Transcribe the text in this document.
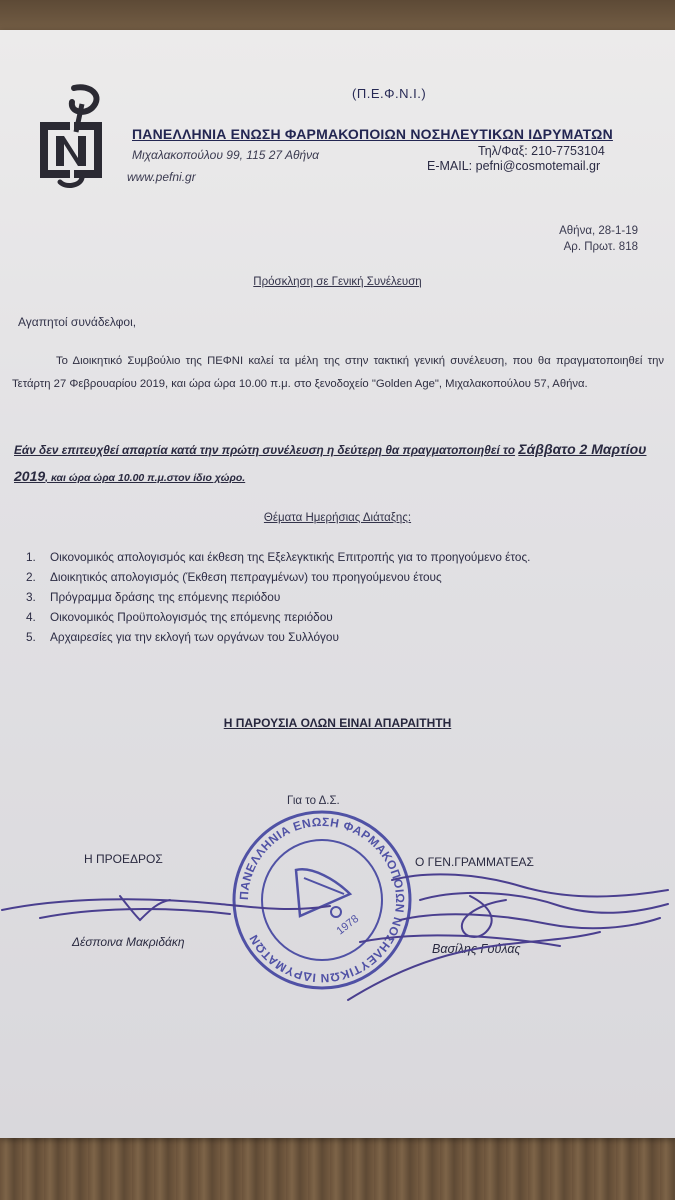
(Π.Ε.Φ.Ν.Ι.)
ΠΑΝΕΛΛΗΝΙΑ ΕΝΩΣΗ ΦΑΡΜΑΚΟΠΟΙΩΝ ΝΟΣΗΛΕΥΤΙΚΩΝ ΙΔΡΥΜΑΤΩΝ
Μιχαλακοπούλου 99, 115 27 Αθήνα	Τηλ/Φαξ: 210-7753104
www.pefni.gr
E-MAIL: pefni@cosmotemail.gr
Αθήνα, 28-1-19
Αρ. Πρωτ. 818
Πρόσκληση σε Γενική Συνέλευση
Αγαπητοί συνάδελφοι,
Το Διοικητικό Συμβούλιο της ΠΕΦΝΙ καλεί τα μέλη της στην τακτική γενική συνέλευση, που θα πραγματοποιηθεί την Τετάρτη 27 Φεβρουαρίου 2019, και ώρα ώρα 10.00 π.μ. στο ξενοδοχείο "Golden Age", Μιχαλακοπούλου 57, Αθήνα.
Εάν δεν επιτευχθεί απαρτία κατά την πρώτη συνέλευση η δεύτερη θα πραγματοποιηθεί το Σάββατο 2 Μαρτίου 2019, και ώρα ώρα 10.00 π.μ.στον ίδιο χώρο.
Θέματα Ημερήσιας Διάταξης:
1. Οικονομικός απολογισμός και έκθεση της Εξελεγκτικής Επιτροπής για το προηγούμενο έτος.
2. Διοικητικός απολογισμός (Έκθεση πεπραγμένων) του προηγούμενου έτους
3. Πρόγραμμα δράσης της επόμενης περιόδου
4. Οικονομικός Προϋπολογισμός της επόμενης περιόδου
5. Αρχαιρεσίες για την εκλογή των οργάνων του Συλλόγου
Η ΠΑΡΟΥΣΙΑ ΟΛΩΝ ΕΙΝΑΙ ΑΠΑΡΑΙΤΗΤΗ
Για το Δ.Σ.
Η ΠΡΟΕΔΡΟΣ
Δέσποινα Μακριδάκη
Ο ΓΕΝ.ΓΡΑΜΜΑΤΕΑΣ
Βασίλης Γούλας
ΠΑΝΕΛΛΗΝΙΑ ΕΝΩΣΗ ΦΑΡΜΑΚΟΠΟΙΩΝ ΝΟΣΗΛΕΥΤΙΚΩΝ ΙΔΡΥΜΑΤΩΝ
1978
